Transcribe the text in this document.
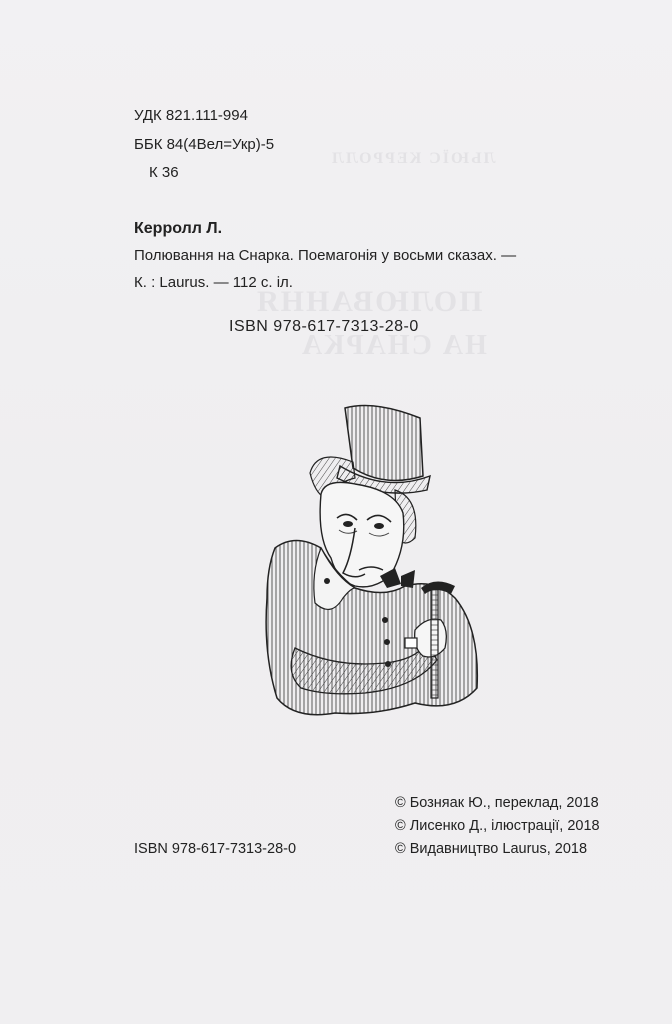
ЛЬЮЇС КЕРРОЛЛ
ПОЛЮВАННЯ
НА СНАРКА
УДК 821.111-994
ББК 84(4Вел=Укр)-5
К 36
Керролл Л.
Полювання на Снарка. Поемагонія у восьми сказах. —
К. : Laurus. — 112 с. іл.
ISBN 978-617-7313-28-0
© Бозняак Ю., переклад, 2018
© Лисенко Д., ілюстрації, 2018
© Видавництво Laurus, 2018
ISBN 978-617-7313-28-0
